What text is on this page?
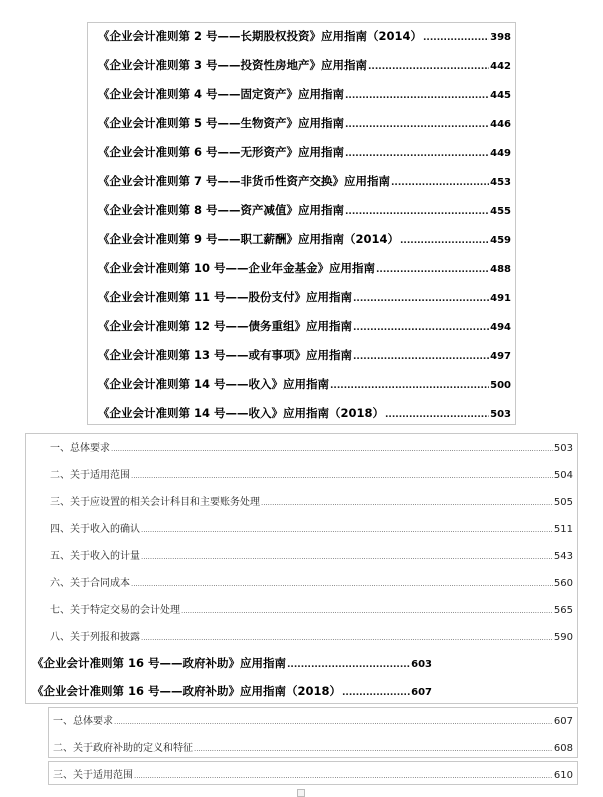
《企业会计准则第 2 号——长期股权投资》应用指南（2014） .....	398
《企业会计准则第 3 号——投资性房地产》应用指南 .....	442
《企业会计准则第 4 号——固定资产》应用指南 .....	445
《企业会计准则第 5 号——生物资产》应用指南 .....	446
《企业会计准则第 6 号——无形资产》应用指南 .....	449
《企业会计准则第 7 号——非货币性资产交换》应用指南 .....	453
《企业会计准则第 8 号——资产减值》应用指南 .....	455
《企业会计准则第 9 号——职工薪酬》应用指南（2014） .....	459
《企业会计准则第 10 号——企业年金基金》应用指南 .....	488
《企业会计准则第 11 号——股份支付》应用指南 .....	491
《企业会计准则第 12 号——债务重组》应用指南 .....	494
《企业会计准则第 13 号——或有事项》应用指南 .....	497
《企业会计准则第 14 号——收入》应用指南 .....	500
《企业会计准则第 14 号——收入》应用指南（2018） .....	503
一、总体要求 .....	503
二、关于适用范围 .....	504
三、关于应设置的相关会计科目和主要账务处理 .....	505
四、关于收入的确认 .....	511
五、关于收入的计量 .....	543
六、关于合同成本 .....	560
七、关于特定交易的会计处理 .....	565
八、关于列报和披露 .....	590
《企业会计准则第 16 号——政府补助》应用指南 .....	603
《企业会计准则第 16 号——政府补助》应用指南（2018） .....	607
一、总体要求 .....	607
二、关于政府补助的定义和特征 .....	608
三、关于适用范围 .....	610
